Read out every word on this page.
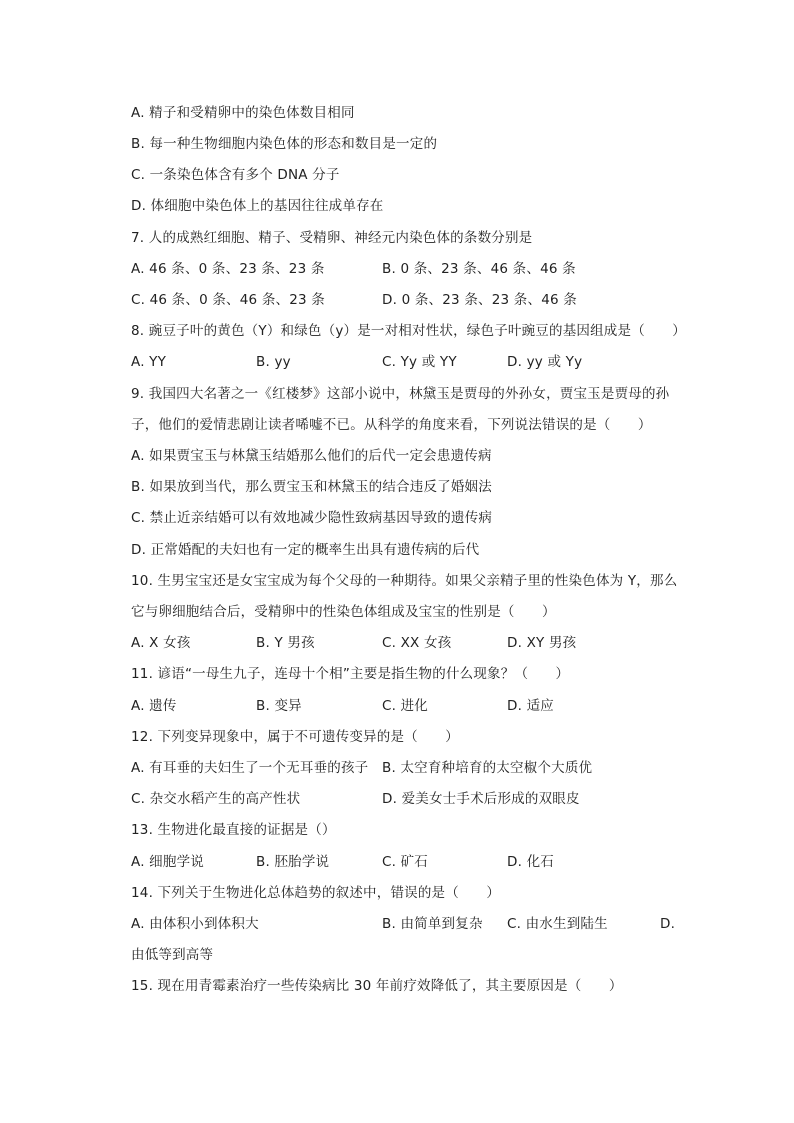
A. 精子和受精卵中的染色体数目相同
B. 每一种生物细胞内染色体的形态和数目是一定的
C. 一条染色体含有多个 DNA 分子
D. 体细胞中染色体上的基因往往成单存在
7. 人的成熟红细胞、精子、受精卵、神经元内染色体的条数分别是
A. 46 条、0 条、23 条、23 条	B. 0 条、23 条、46 条、46 条
C. 46 条、0 条、46 条、23 条	D. 0 条、23 条、23 条、46 条
8. 豌豆子叶的黄色（Y）和绿色（y）是一对相对性状，绿色子叶豌豆的基因组成是（　　）
A. YY	B. yy	C. Yy 或 YY	D. yy 或 Yy
9. 我国四大名著之一《红楼梦》这部小说中，林黛玉是贾母的外孙女，贾宝玉是贾母的孙
子，他们的爱情悲剧让读者唏嘘不已。从科学的角度来看，下列说法错误的是（　　）
A. 如果贾宝玉与林黛玉结婚那么他们的后代一定会患遗传病
B. 如果放到当代，那么贾宝玉和林黛玉的结合违反了婚姻法
C. 禁止近亲结婚可以有效地减少隐性致病基因导致的遗传病
D. 正常婚配的夫妇也有一定的概率生出具有遗传病的后代
10. 生男宝宝还是女宝宝成为每个父母的一种期待。如果父亲精子里的性染色体为 Y，那么
它与卵细胞结合后，受精卵中的性染色体组成及宝宝的性别是（　　）
A. X 女孩	B. Y 男孩	C. XX 女孩	D. XY 男孩
11. 谚语“一母生九子，连母十个相”主要是指生物的什么现象？（　　）
A. 遗传	B. 变异	C. 进化	D. 适应
12. 下列变异现象中，属于不可遗传变异的是（　　）
A. 有耳垂的夫妇生了一个无耳垂的孩子 B. 太空育种培育的太空椒个大质优
C. 杂交水稻产生的高产性状	D. 爱美女士手术后形成的双眼皮
13. 生物进化最直接的证据是（）
A. 细胞学说	B. 胚胎学说	C. 矿石	D. 化石
14. 下列关于生物进化总体趋势的叙述中，错误的是（　　）
A. 由体积小到体积大	B. 由简单到复杂 C. 由水生到陆生	D.
由低等到高等
15. 现在用青霉素治疗一些传染病比 30 年前疗效降低了，其主要原因是（　　）
